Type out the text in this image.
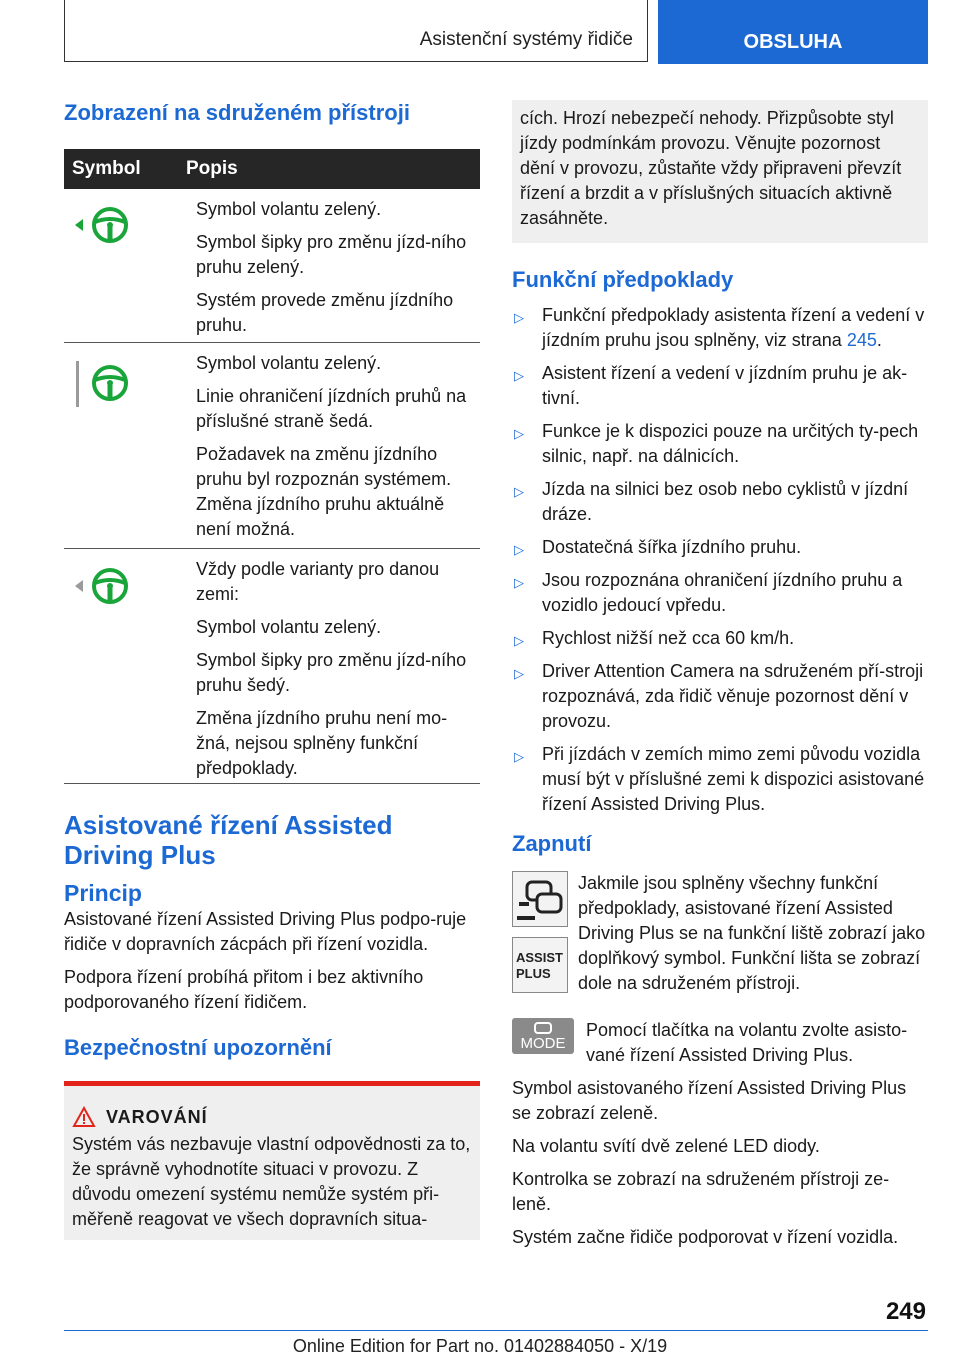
Asistenční systémy řidiče	OBSLUHA
Zobrazení na sdruženém přístroji
Symbol	Popis

Symbol volantu zelený.

Symbol šipky pro změnu jízd-ního pruhu zelený.

Systém provede změnu jízdního pruhu.

Symbol volantu zelený.

Linie ohraničení jízdních pruhů na příslušné straně šedá.

Požadavek na změnu jízdního pruhu byl rozpoznán systémem. Změna jízdního pruhu aktuálně není možná.

Vždy podle varianty pro danou zemi:

Symbol volantu zelený.

Symbol šipky pro změnu jízd-ního pruhu šedý.

Změna jízdního pruhu není mo-žná, nejsou splněny funkční předpoklady.

Asistované řízení Assisted Driving Plus
Princip

Asistované řízení Assisted Driving Plus podpo-ruje řidiče v dopravních zácpách při řízení vozidla.

Podpora řízení probíhá přitom i bez aktivního podporovaného řízení řidičem.

Bezpečnostní upozornění
VAROVÁNÍ

Systém vás nezbavuje vlastní odpovědnosti za to, že správně vyhodnotíte situaci v provozu. Z důvodu omezení systému nemůže systém při-měřeně reagovat ve všech dopravních situa-

cích. Hrozí nebezpečí nehody. Přizpůsobte styl jízdy podmínkám provozu. Věnujte pozornost dění v provozu, zůstaňte vždy připraveni převzít řízení a brzdit a v příslušných situacích aktivně zasáhněte.

Funkční předpoklady
▷ Funkční předpoklady asistenta řízení a vedení v jízdním pruhu jsou splněny, viz strana 245.
▷ Asistent řízení a vedení v jízdním pruhu je ak-tivní.
▷ Funkce je k dispozici pouze na určitých ty-pech silnic, např. na dálnicích.
▷ Jízda na silnici bez osob nebo cyklistů v jízdní dráze.
▷ Dostatečná šířka jízdního pruhu.
▷ Jsou rozpoznána ohraničení jízdního pruhu a vozidlo jedoucí vpředu.
▷ Rychlost nižší než cca 60 km/h.
▷ Driver Attention Camera na sdruženém pří-stroji rozpoznává, zda řidič věnuje pozornost dění v provozu.
▷ Při jízdách v zemích mimo zemi původu vozidla musí být v příslušné zemi k dispozici asistované řízení Assisted Driving Plus.
Zapnutí
ASSIST
PLUS

Jakmile jsou splněny všechny funkční předpoklady, asistované řízení Assisted Driving Plus se na funkční liště zobrazí jako doplňkový symbol. Funkční lišta se zobrazí dole na sdruženém přístroji.

MODE

Pomocí tlačítka na volantu zvolte asisto-vané řízení Assisted Driving Plus.

Symbol asistovaného řízení Assisted Driving Plus se zobrazí zeleně.

Na volantu svítí dvě zelené LED diody.

Kontrolka se zobrazí na sdruženém přístroji ze-leně.

Systém začne řidiče podporovat v řízení vozidla.

249
Online Edition for Part no. 01402884050 - X/19
